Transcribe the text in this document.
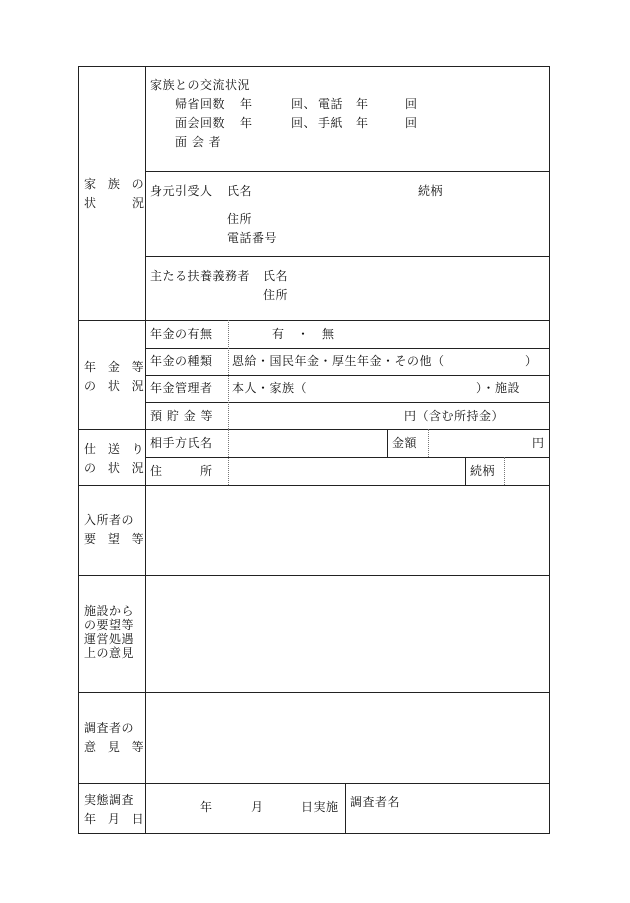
家 族 の
状　　況
家族との交流状況
帰省回数 年	回、 電話 年	回
面会回数 年	回、 手紙 年	回
面 会 者
身元引受人 氏名	続柄
住所
電話番号
主たる扶養義務者 氏名
住所
年 金 等
の 状 況
年金の有無	有　・　無
年金の種類 恩給・国民年金・厚生年金・その他（	）
年金管理者 本人・家族（	）・施設
預 貯 金 等	円（含む所持金）
仕 送 り
の 状 況
相手方氏名	金額	円
住　　　所	続柄
入所者の
要 望 等
施設から
の要望等
運営処遇
上の意見
調査者の
意 見 等
実態調査
年 月 日
年	月	日実施 調査者名
